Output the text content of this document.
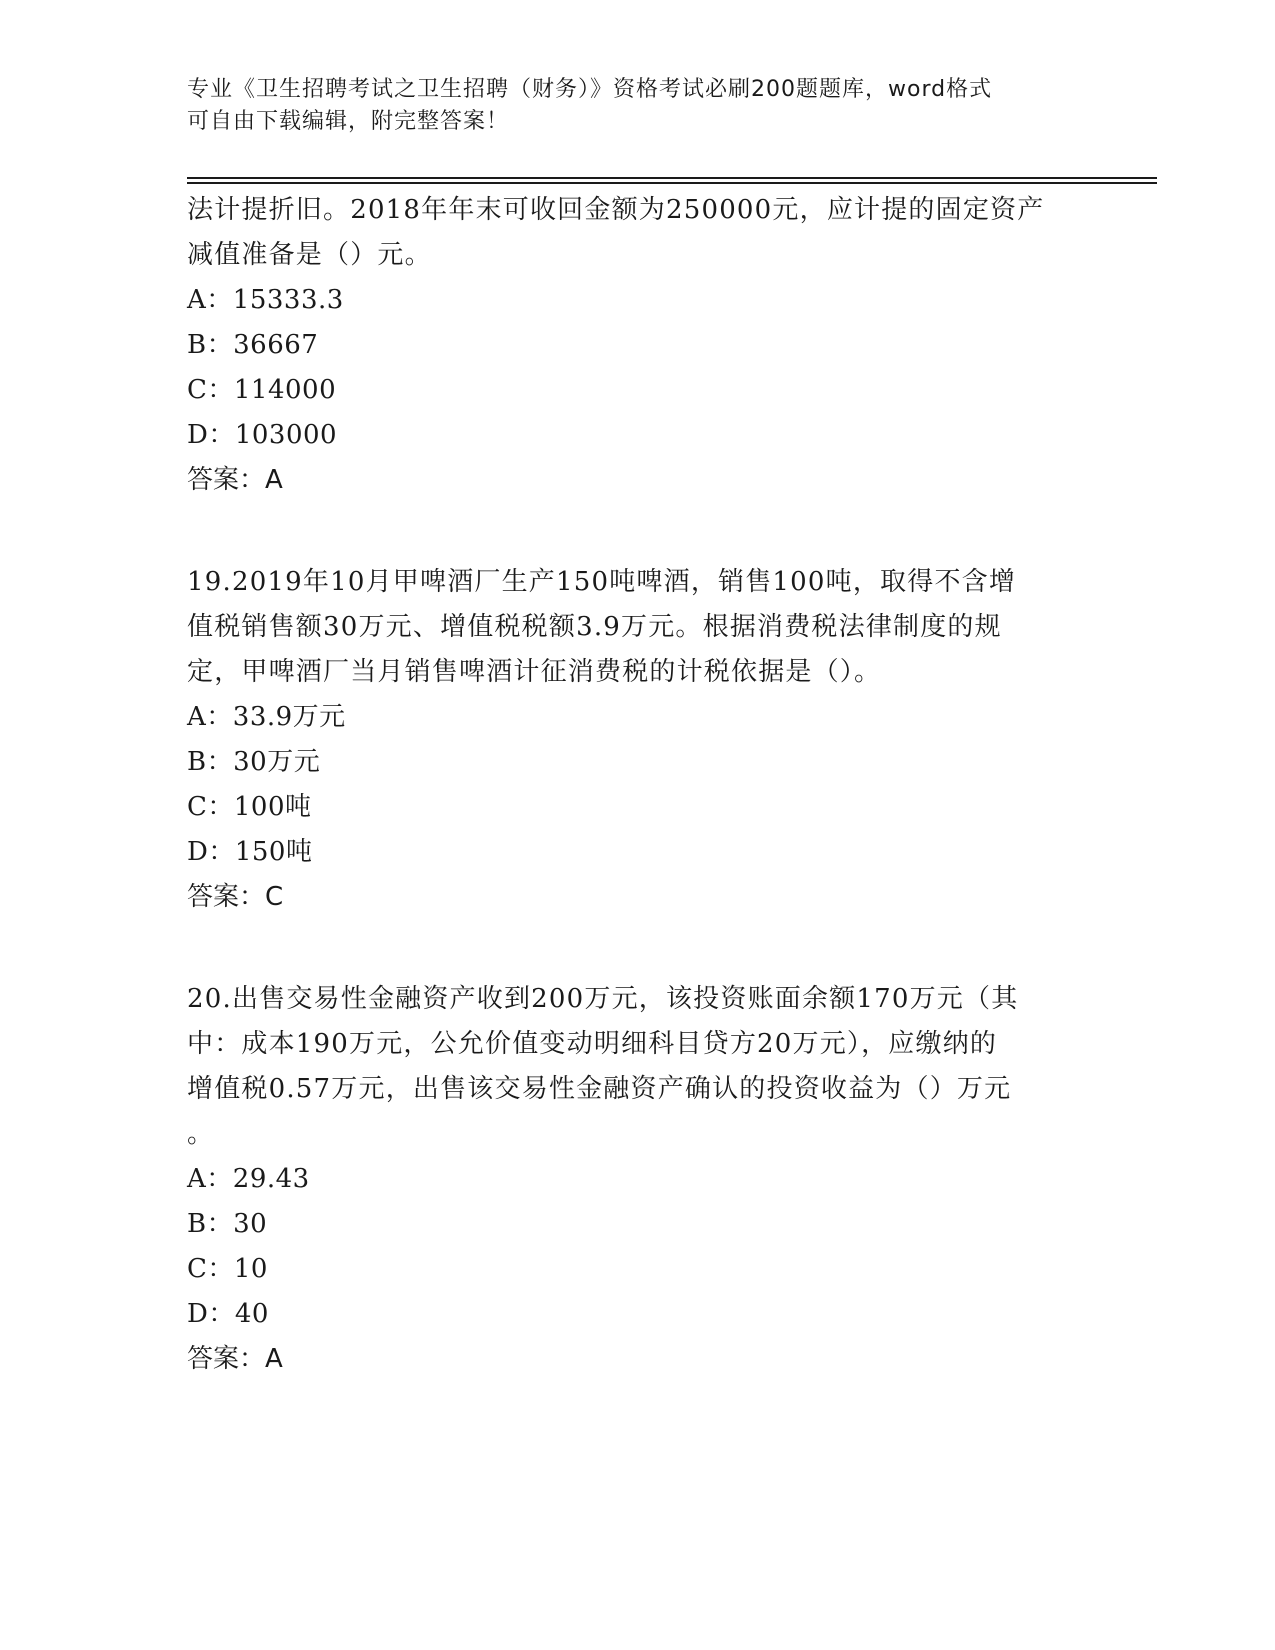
专业《卫生招聘考试之卫生招聘（财务）》资格考试必刷200题题库，word格式
可自由下载编辑，附完整答案！
法计提折旧。2018年年末可收回金额为250000元，应计提的固定资产
减值准备是（）元。
A：15333.3
B：36667
C：114000
D：103000
答案：A
19.2019年10月甲啤酒厂生产150吨啤酒，销售100吨，取得不含增
值税销售额30万元、增值税税额3.9万元。根据消费税法律制度的规
定，甲啤酒厂当月销售啤酒计征消费税的计税依据是（）。
A：33.9万元
B：30万元
C：100吨
D：150吨
答案：C
20.出售交易性金融资产收到200万元，该投资账面余额170万元（其
中：成本190万元，公允价值变动明细科目贷方20万元），应缴纳的
增值税0.57万元，出售该交易性金融资产确认的投资收益为（）万元
。
A：29.43
B：30
C：10
D：40
答案：A
